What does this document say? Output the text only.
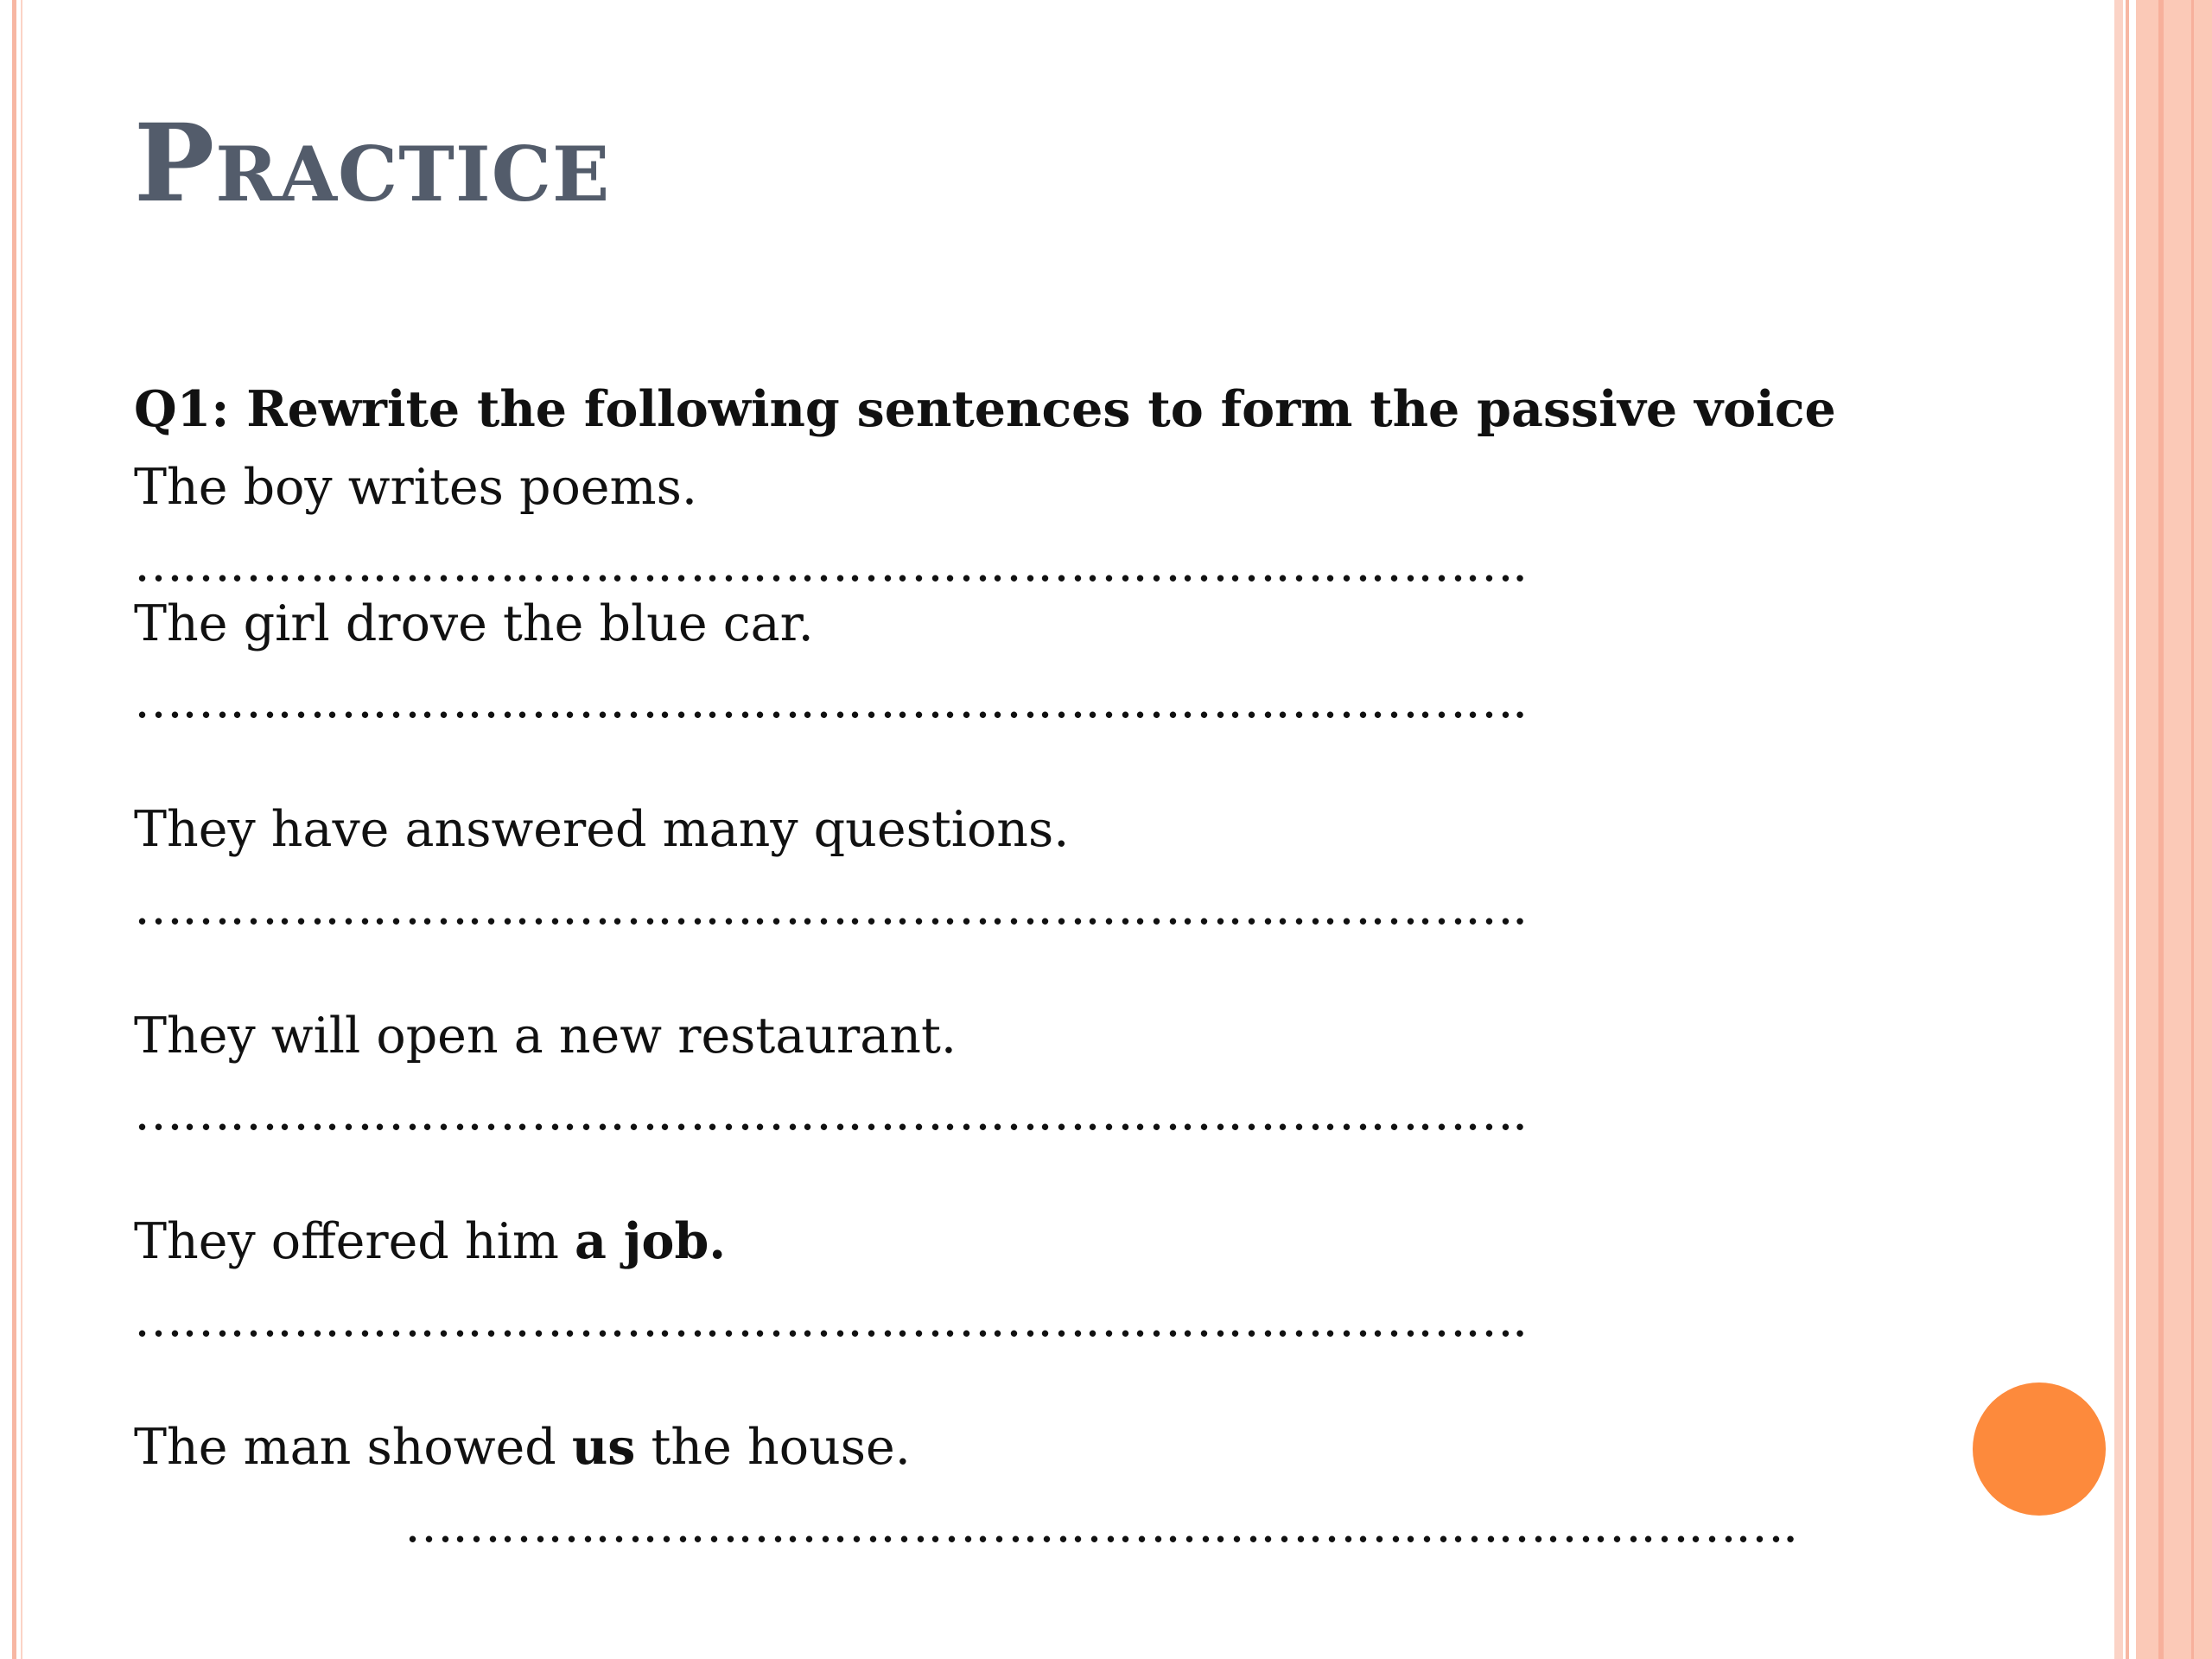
Practice
Q1: Rewrite the following sentences to form the passive voice
The boy writes poems.
…………………………………………………………………………….
The girl drove the blue car.
…………………………………………………………………………….
They have answered many questions.
…………………………………………………………………………….
They will open a new restaurant.
…………………………………………………………………………….
They offered him a job.
…………………………………………………………………………….
The man showed us the house.
…………………………………………………………………………….
